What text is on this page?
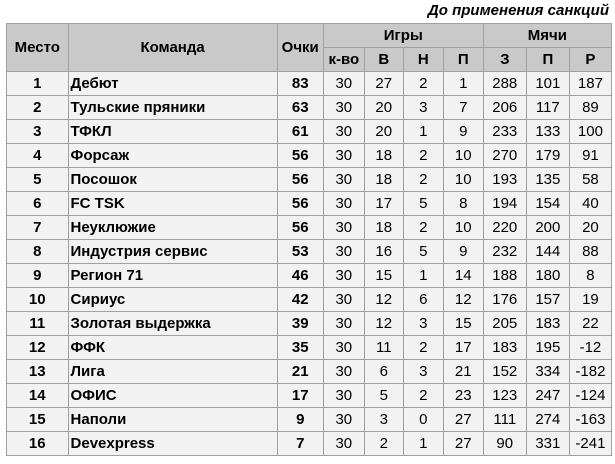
До применения санкций
Место	Команда	Очки	Игры				Мячи		
			к-во	В	Н	П	З	П	Р
1	Дебют	83	30	27	2	1	288	101	187
2	Тульские пряники	63	30	20	3	7	206	117	89
3	ТФКЛ	61	30	20	1	9	233	133	100
4	Форсаж	56	30	18	2	10	270	179	91
5	Посошок	56	30	18	2	10	193	135	58
6	FC TSK	56	30	17	5	8	194	154	40
7	Неуклюжие	56	30	18	2	10	220	200	20
8	Индустрия сервис	53	30	16	5	9	232	144	88
9	Регион 71	46	30	15	1	14	188	180	8
10	Сириус	42	30	12	6	12	176	157	19
11	Золотая выдержка	39	30	12	3	15	205	183	22
12	ФФК	35	30	11	2	17	183	195	-12
13	Лига	21	30	6	3	21	152	334	-182
14	ОФИС	17	30	5	2	23	123	247	-124
15	Наполи	9	30	3	0	27	111	274	-163
16	Devexpress	7	30	2	1	27	90	331	-241
